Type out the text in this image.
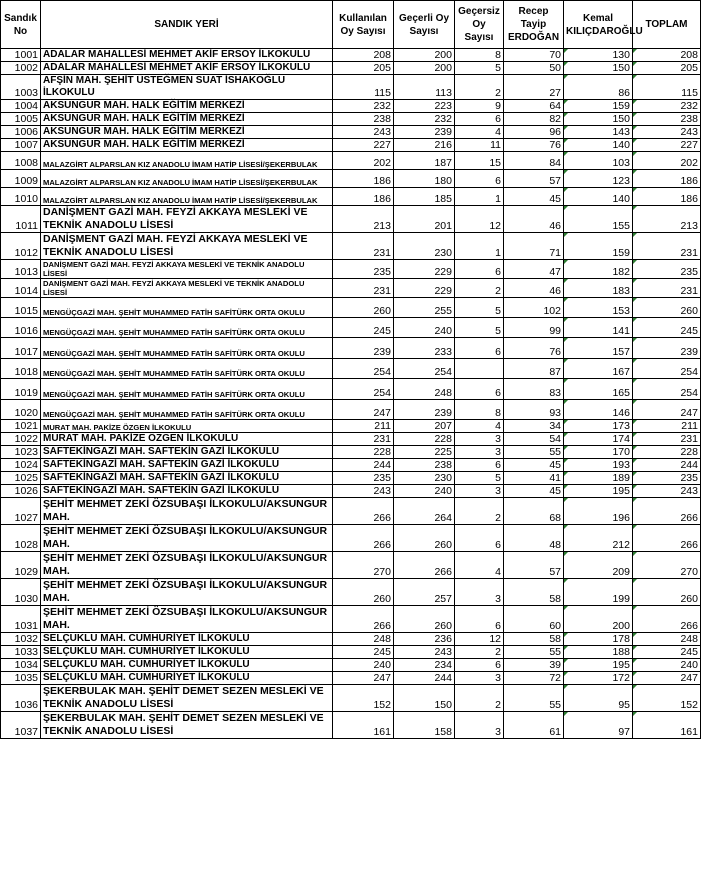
Sandık No	SANDIK YERİ	Kullanılan Oy Sayısı	Geçerli Oy Sayısı	Geçersiz Oy Sayısı	Recep Tayip ERDOĞAN	Kemal KILIÇDAROĞLU	TOPLAM
1001	ADALAR MAHALLESİ MEHMET AKİF ERSOY İLKOKULU	208	200	8	70	130	208

1002	ADALAR MAHALLESİ MEHMET AKİF ERSOY İLKOKULU	205	200	5	50	150	205

1003	AFŞİN MAH. ŞEHİT ÜSTEĞMEN SUAT İSHAKOĞLU İLKOKULU	115	113	2	27	86	115

1004	AKSUNGUR MAH. HALK EĞİTİM MERKEZİ	232	223	9	64	159	232

1005	AKSUNGUR MAH. HALK EĞİTİM MERKEZİ	238	232	6	82	150	238

1006	AKSUNGUR MAH. HALK EĞİTİM MERKEZİ	243	239	4	96	143	243

1007	AKSUNGUR MAH. HALK EĞİTİM MERKEZİ	227	216	11	76	140	227

1008	MALAZGİRT ALPARSLAN KIZ ANADOLU İMAM HATİP LİSESİ/ŞEKERBULAK	202	187	15	84	103	202

1009	MALAZGİRT ALPARSLAN KIZ ANADOLU İMAM HATİP LİSESİ/ŞEKERBULAK	186	180	6	57	123	186

1010	MALAZGİRT ALPARSLAN KIZ ANADOLU İMAM HATİP LİSESİ/ŞEKERBULAK	186	185	1	45	140	186

1011	DANİŞMENT GAZİ MAH. FEYZİ AKKAYA MESLEKİ VE TEKNİK ANADOLU LİSESİ	213	201	12	46	155	213

1012	DANİŞMENT GAZİ MAH. FEYZİ AKKAYA MESLEKİ VE TEKNİK ANADOLU LİSESİ	231	230	1	71	159	231

1013	DANİŞMENT GAZİ MAH. FEYZİ AKKAYA MESLEKİ VE TEKNİK ANADOLU LİSESİ	235	229	6	47	182	235

1014	DANİŞMENT GAZİ MAH. FEYZİ AKKAYA MESLEKİ VE TEKNİK ANADOLU LİSESİ	231	229	2	46	183	231

1015	MENGÜÇGAZİ MAH. ŞEHİT MUHAMMED FATİH SAFİTÜRK ORTA OKULU	260	255	5	102	153	260

1016	MENGÜÇGAZİ MAH. ŞEHİT MUHAMMED FATİH SAFİTÜRK ORTA OKULU	245	240	5	99	141	245

1017	MENGÜÇGAZİ MAH. ŞEHİT MUHAMMED FATİH SAFİTÜRK ORTA OKULU	239	233	6	76	157	239

1018	MENGÜÇGAZİ MAH. ŞEHİT MUHAMMED FATİH SAFİTÜRK ORTA OKULU	254	254		87	167	254

1019	MENGÜÇGAZİ MAH. ŞEHİT MUHAMMED FATİH SAFİTÜRK ORTA OKULU	254	248	6	83	165	254

1020	MENGÜÇGAZİ MAH. ŞEHİT MUHAMMED FATİH SAFİTÜRK ORTA OKULU	247	239	8	93	146	247

1021	MURAT MAH. PAKİZE ÖZGEN İLKOKULU	211	207	4	34	173	211

1022	MURAT MAH. PAKİZE ÖZGEN İLKOKULU	231	228	3	54	174	231

1023	SAFTEKİNGAZİ MAH. SAFTEKİN GAZİ İLKOKULU	228	225	3	55	170	228

1024	SAFTEKİNGAZİ MAH. SAFTEKİN GAZİ İLKOKULU	244	238	6	45	193	244

1025	SAFTEKİNGAZİ MAH. SAFTEKİN GAZİ İLKOKULU	235	230	5	41	189	235

1026	SAFTEKİNGAZİ MAH. SAFTEKİN GAZİ İLKOKULU	243	240	3	45	195	243

1027	ŞEHİT MEHMET ZEKİ ÖZSUBAŞI İLKOKULU/AKSUNGUR MAH.	266	264	2	68	196	266

1028	ŞEHİT MEHMET ZEKİ ÖZSUBAŞI İLKOKULU/AKSUNGUR MAH.	266	260	6	48	212	266

1029	ŞEHİT MEHMET ZEKİ ÖZSUBAŞI İLKOKULU/AKSUNGUR MAH.	270	266	4	57	209	270

1030	ŞEHİT MEHMET ZEKİ ÖZSUBAŞI İLKOKULU/AKSUNGUR MAH.	260	257	3	58	199	260

1031	ŞEHİT MEHMET ZEKİ ÖZSUBAŞI İLKOKULU/AKSUNGUR MAH.	266	260	6	60	200	266

1032	SELÇUKLU MAH. CUMHURİYET İLKOKULU	248	236	12	58	178	248

1033	SELÇUKLU MAH. CUMHURİYET İLKOKULU	245	243	2	55	188	245

1034	SELÇUKLU MAH. CUMHURİYET İLKOKULU	240	234	6	39	195	240

1035	SELÇUKLU MAH. CUMHURİYET İLKOKULU	247	244	3	72	172	247

1036	ŞEKERBULAK MAH. ŞEHİT DEMET SEZEN MESLEKİ VE TEKNİK ANADOLU LİSESİ	152	150	2	55	95	152

1037	ŞEKERBULAK MAH. ŞEHİT DEMET SEZEN MESLEKİ VE TEKNİK ANADOLU LİSESİ	161	158	3	61	97	161
